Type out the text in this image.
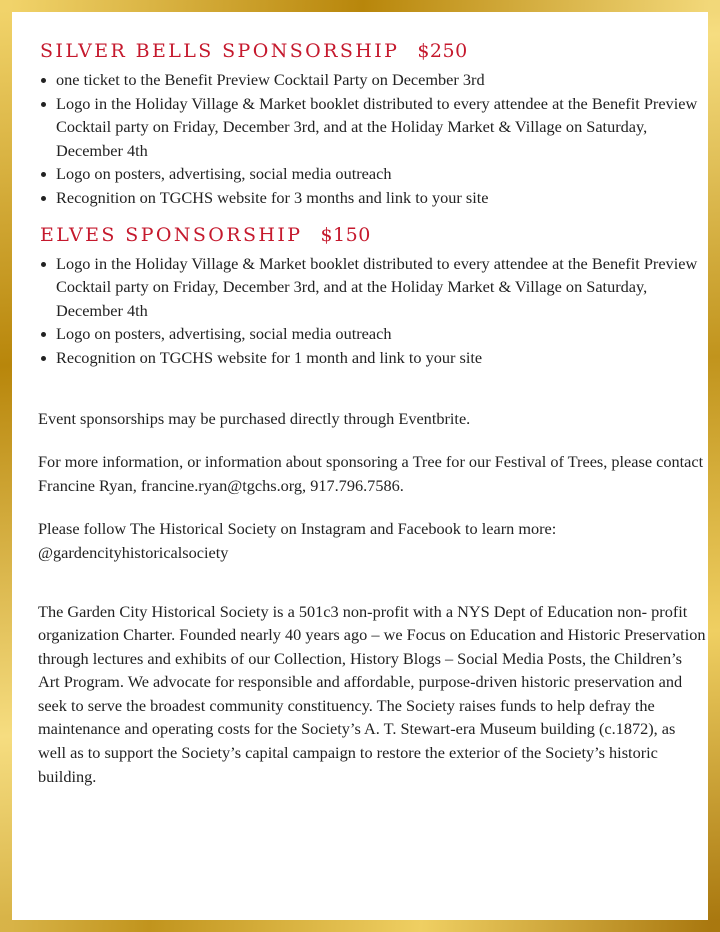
SILVER BELLS SPONSORSHIP $250
one ticket to the Benefit Preview Cocktail Party on December 3rd
Logo in the Holiday Village & Market booklet distributed to every attendee at the Benefit Preview Cocktail party on Friday, December 3rd, and at the Holiday Market & Village on Saturday, December 4th
Logo on posters, advertising, social media outreach
Recognition on TGCHS website for 3 months and link to your site
ELVES SPONSORSHIP $150
Logo in the Holiday Village & Market booklet distributed to every attendee at the Benefit Preview Cocktail party on Friday, December 3rd, and at the Holiday Market & Village on Saturday, December 4th
Logo on posters, advertising, social media outreach
Recognition on TGCHS website for 1 month and link to your site

Event sponsorships may be purchased directly through Eventbrite.

For more information, or information about sponsoring a Tree for our Festival of Trees, please contact Francine Ryan, francine.ryan@tgchs.org, 917.796.7586.

Please follow The Historical Society on Instagram and Facebook to learn more:
@gardencityhistoricalsociety

The Garden City Historical Society is a 501c3 non-profit with a NYS Dept of Education non- profit organization Charter. Founded nearly 40 years ago – we Focus on Education and Historic Preservation through lectures and exhibits of our Collection, History Blogs – Social Media Posts, the Children’s Art Program. We advocate for responsible and affordable, purpose-driven historic preservation and seek to serve the broadest community constituency. The Society raises funds to help defray the maintenance and operating costs for the Society’s A. T. Stewart-era Museum building (c.1872), as well as to support the Society’s capital campaign to restore the exterior of the Society’s historic building.
